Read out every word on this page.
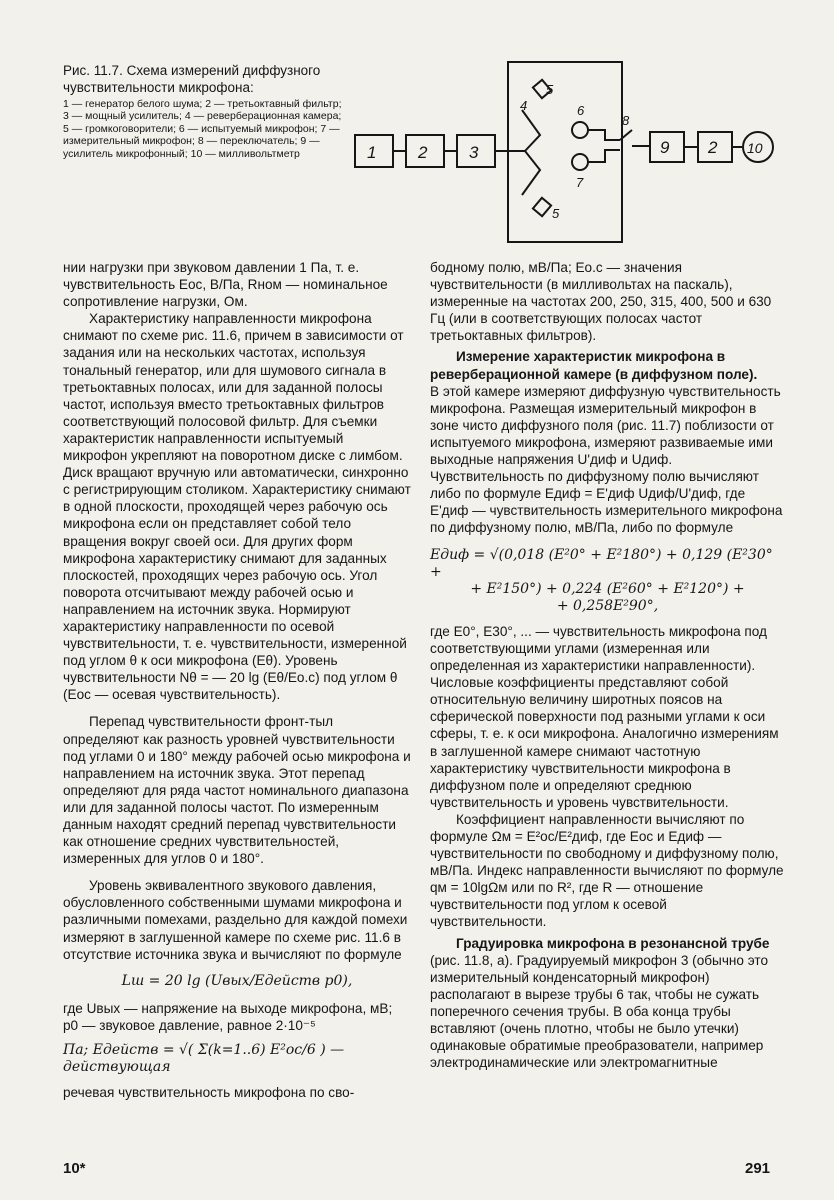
Рис. 11.7. Схема измерений диффузного чувствительности микрофона:
1 — генератор белого шума; 2 — третьоктавный фильтр; 3 — мощный усилитель; 4 — реверберационная камера; 5 — громкоговорители; 6 — испытуемый микрофон; 7 — измерительный микрофон; 8 — переключатель; 9 — усилитель микрофонный; 10 — милливольтметр	1 2 3	9 2 10
4
5
6
7
8
5

нии нагрузки при звуковом давлении 1 Па, т. е. чувствительность Eос, В/Па, Rном — номинальное сопротивление нагрузки, Ом.

Характеристику направленности микрофона снимают по схеме рис. 11.6, причем в зависимости от задания или на нескольких частотах, используя тональный генератор, или для шумового сигнала в третьоктавных полосах, или для заданной полосы частот, используя вместо третьоктавных фильтров соответствующий полосовой фильтр. Для съемки характеристик направленности испытуемый микрофон укрепляют на поворотном диске с лимбом. Диск вращают вручную или автоматически, синхронно с регистрирующим столиком. Характеристику снимают в одной плоскости, проходящей через рабочую ось микрофона если он представляет собой тело вращения вокруг своей оси. Для других форм микрофона характеристику снимают для заданных плоскостей, проходящих через рабочую ось. Угол поворота отсчитывают между рабочей осью и направлением на источник звука. Нормируют характеристику направленности по осевой чувствительности, т. е. чувствительности, измеренной под углом θ к оси микрофона (Eθ). Уровень чувствительности Nθ = — 20 lg (Eθ/Eо.с) под углом θ (Eос — осевая чувствительность).

Перепад чувствительности фронт-тыл определяют как разность уровней чувствительности под углами 0 и 180° между рабочей осью микрофона и направлением на источник звука. Этот перепад определяют для ряда частот номинального диапазона или для заданной полосы частот. По измеренным данным находят средний перепад чувствительности как отношение средних чувствительностей, измеренных для углов 0 и 180°.

Уровень эквивалентного звукового давления, обусловленного собственными шумами микрофона и различными помехами, раздельно для каждой помехи измеряют в заглушенной камере по схеме рис. 11.6 в отсутствие источника звука и вычисляют по формуле

Lш = 20 lg (Uвых/Eдейств p0),

где Uвых — напряжение на выходе микрофона, мВ; p0 — звуковое давление, равное 2·10⁻⁵

Па; Eдейств = √( Σ(k=1..6) E²ос/6 ) — действующая

речевая чувствительность микрофона по сво-

бодному полю, мВ/Па; Eо.с — значения чувствительности (в милливольтах на паскаль), измеренные на частотах 200, 250, 315, 400, 500 и 630 Гц (или в соответствующих полосах частот третьоктавных фильтров).

Измерение характеристик микрофона в реверберационной камере (в диффузном поле).

В этой камере измеряют диффузную чувствительность микрофона. Размещая измерительный микрофон в зоне чисто диффузного поля (рис. 11.7) поблизости от испытуемого микрофона, измеряют развиваемые ими выходные напряжения U'диф и Uдиф. Чувствительность по диффузному полю вычисляют либо по формуле Eдиф = E'диф Uдиф/U'диф, где E'диф — чувствительность измерительного микрофона по диффузному полю, мВ/Па, либо по формуле

Eдиф = √(0,018 (E²0° + E²180°) + 0,129 (E²30° +

+ E²150°) + 0,224 (E²60° + E²120°) +

+ 0,258E²90°,

где E0°, E30°, ... — чувствительность микрофона под соответствующими углами (измеренная или определенная из характеристики направленности). Числовые коэффициенты представляют собой относительную величину широтных поясов на сферической поверхности под разными углами к оси сферы, т. е. к оси микрофона. Аналогично измерениям в заглушенной камере снимают частотную характеристику чувствительности микрофона в диффузном поле и определяют среднюю чувствительность и уровень чувствительности.

Коэффициент направленности вычисляют по формуле Ωм = E²ос/E²диф, где Eос и Eдиф — чувствительности по свободному и диффузному полю, мВ/Па. Индекс направленности вычисляют по формуле qм = 10lgΩм или по R², где R — отношение чувствительности под углом к осевой чувствительности.

Градуировка микрофона в резонансной трубе

(рис. 11.8, а). Градуируемый микрофон 3 (обычно это измерительный конденсаторный микрофон) располагают в вырезе трубы 6 так, чтобы не сужать поперечного сечения трубы. В оба конца трубы вставляют (очень плотно, чтобы не было утечки) одинаковые обратимые преобразователи, например электродинамические или электромагнитные

10*	291
